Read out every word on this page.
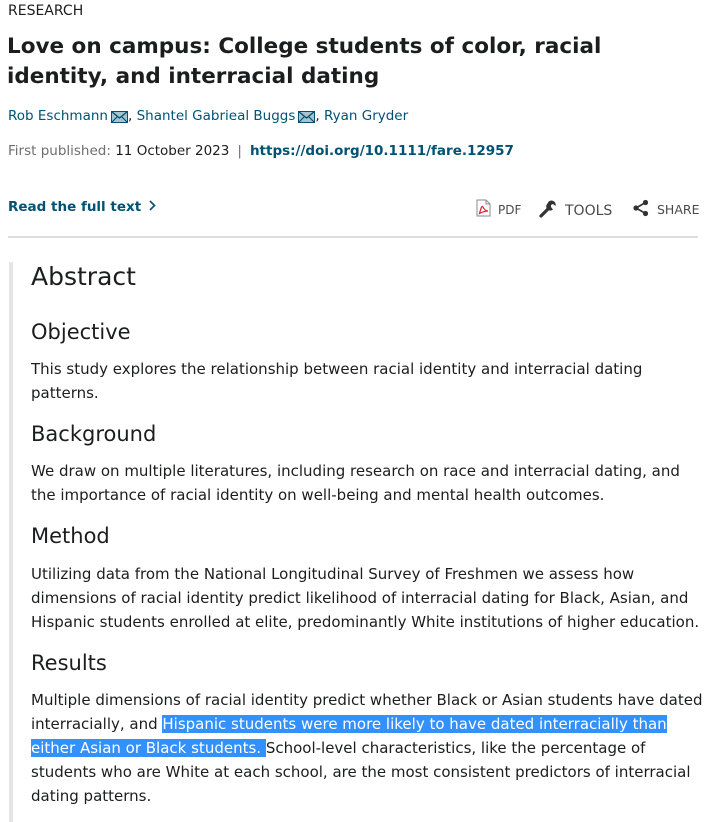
RESEARCH
Love on campus: College students of color, racial identity, and interracial dating
Rob Eschmann , Shantel Gabrieal Buggs , Ryan Gryder
First published: 11 October 2023 | https://doi.org/10.1111/fare.12957
Read the full text	PDF	TOOLS	SHARE
Abstract
Objective

This study explores the relationship between racial identity and interracial dating patterns.

Background

We draw on multiple literatures, including research on race and interracial dating, and the importance of racial identity on well-being and mental health outcomes.

Method

Utilizing data from the National Longitudinal Survey of Freshmen we assess how dimensions of racial identity predict likelihood of interracial dating for Black, Asian, and Hispanic students enrolled at elite, predominantly White institutions of higher education.

Results

Multiple dimensions of racial identity predict whether Black or Asian students have dated interracially, and Hispanic students were more likely to have dated interracially than either Asian or Black students. School-level characteristics, like the percentage of students who are White at each school, are the most consistent predictors of interracial dating patterns.
